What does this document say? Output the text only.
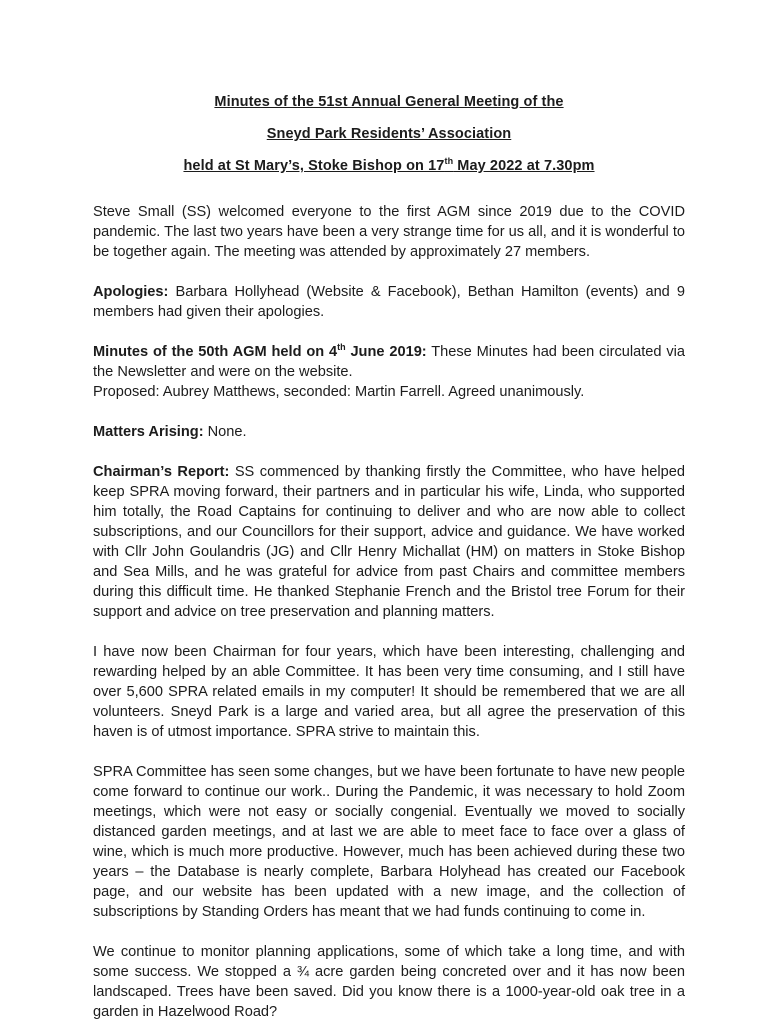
Minutes of the 51st Annual General Meeting of the
Sneyd Park Residents’ Association
held at St Mary’s, Stoke Bishop on 17th May 2022 at 7.30pm

Steve Small (SS) welcomed everyone to the first AGM since 2019 due to the COVID pandemic. The last two years have been a very strange time for us all, and it is wonderful to be together again. The meeting was attended by approximately 27 members.

Apologies: Barbara Hollyhead (Website & Facebook), Bethan Hamilton (events) and 9 members had given their apologies.

Minutes of the 50th AGM held on 4th June 2019: These Minutes had been circulated via the Newsletter and were on the website.
Proposed: Aubrey Matthews, seconded: Martin Farrell. Agreed unanimously.

Matters Arising: None.

Chairman’s Report: SS commenced by thanking firstly the Committee, who have helped keep SPRA moving forward, their partners and in particular his wife, Linda, who supported him totally, the Road Captains for continuing to deliver and who are now able to collect subscriptions, and our Councillors for their support, advice and guidance. We have worked with Cllr John Goulandris (JG) and Cllr Henry Michallat (HM) on matters in Stoke Bishop and Sea Mills, and he was grateful for advice from past Chairs and committee members during this difficult time. He thanked Stephanie French and the Bristol tree Forum for their support and advice on tree preservation and planning matters.

I have now been Chairman for four years, which have been interesting, challenging and rewarding helped by an able Committee. It has been very time consuming, and I still have over 5,600 SPRA related emails in my computer! It should be remembered that we are all volunteers. Sneyd Park is a large and varied area, but all agree the preservation of this haven is of utmost importance. SPRA strive to maintain this.

SPRA Committee has seen some changes, but we have been fortunate to have new people come forward to continue our work.. During the Pandemic, it was necessary to hold Zoom meetings, which were not easy or socially congenial. Eventually we moved to socially distanced garden meetings, and at last we are able to meet face to face over a glass of wine, which is much more productive. However, much has been achieved during these two years – the Database is nearly complete, Barbara Holyhead has created our Facebook page, and our website has been updated with a new image, and the collection of subscriptions by Standing Orders has meant that we had funds continuing to come in.

We continue to monitor planning applications, some of which take a long time, and with some success. We stopped a ¾ acre garden being concreted over and it has now been landscaped. Trees have been saved. Did you know there is a 1000-year-old oak tree in a garden in Hazelwood Road?
